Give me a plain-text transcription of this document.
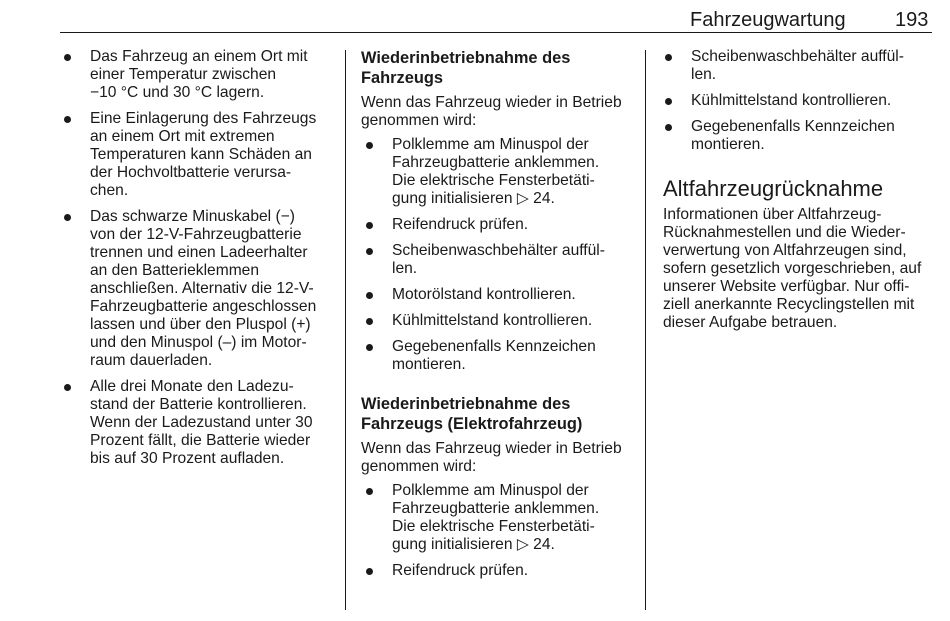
Fahrzeugwartung 193
Das Fahrzeug an einem Ort mit
einer Temperatur zwischen
−10 °C und 30 °C lagern.
Eine Einlagerung des Fahrzeugs
an einem Ort mit extremen
Temperaturen kann Schäden an
der Hochvoltbatterie verursa-
chen.
Das schwarze Minuskabel (−)
von der 12-V-Fahrzeugbatterie
trennen und einen Ladeerhalter
an den Batterieklemmen
anschließen. Alternativ die 12-V-
Fahrzeugbatterie angeschlossen
lassen und über den Pluspol (+)
und den Minuspol (–) im Motor-
raum dauerladen.
Alle drei Monate den Ladezu-
stand der Batterie kontrollieren.
Wenn der Ladezustand unter 30
Prozent fällt, die Batterie wieder
bis auf 30 Prozent aufladen.
Wiederinbetriebnahme des
Fahrzeugs
Wenn das Fahrzeug wieder in Betrieb
genommen wird:
Polklemme am Minuspol der
Fahrzeugbatterie anklemmen.
Die elektrische Fensterbetäti-
gung initialisieren ▷ 24.
Reifendruck prüfen.
Scheibenwaschbehälter auffül-
len.
Motorölstand kontrollieren.
Kühlmittelstand kontrollieren.
Gegebenenfalls Kennzeichen
montieren.
Wiederinbetriebnahme des
Fahrzeugs (Elektrofahrzeug)
Wenn das Fahrzeug wieder in Betrieb
genommen wird:
Polklemme am Minuspol der
Fahrzeugbatterie anklemmen.
Die elektrische Fensterbetäti-
gung initialisieren ▷ 24.
Reifendruck prüfen.
Scheibenwaschbehälter auffül-
len.
Kühlmittelstand kontrollieren.
Gegebenenfalls Kennzeichen
montieren.
Altfahrzeugrücknahme
Informationen über Altfahrzeug-
Rücknahmestellen und die Wieder-
verwertung von Altfahrzeugen sind,
sofern gesetzlich vorgeschrieben, auf
unserer Website verfügbar. Nur offi-
ziell anerkannte Recyclingstellen mit
dieser Aufgabe betrauen.
